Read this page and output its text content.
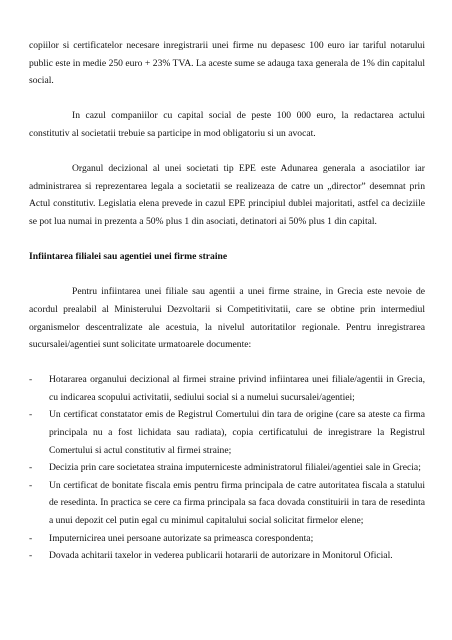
copiilor si certificatelor necesare inregistrarii unei firme nu depasesc 100 euro iar tariful notarului public este in medie 250 euro + 23% TVA. La aceste sume se adauga taxa generala de 1% din capitalul social.

In cazul companiilor cu capital social de peste 100 000 euro, la redactarea actului constitutiv al societatii trebuie sa participe in mod obligatoriu si un avocat.

Organul decizional al unei societati tip EPE este Adunarea generala a asociatilor iar administrarea si reprezentarea legala a societatii se realizeaza de catre un „director” desemnat prin Actul constitutiv. Legislatia elena prevede in cazul EPE principiul dublei majoritati, astfel ca deciziile se pot lua numai in prezenta a 50% plus 1 din asociati, detinatori ai 50% plus 1 din capital.

Infiintarea filialei sau agentiei unei firme straine

Pentru infiintarea unei filiale sau agentii a unei firme straine, in Grecia este nevoie de acordul prealabil al Ministerului Dezvoltarii si Competitivitatii, care se obtine prin intermediul organismelor descentralizate ale acestuia, la nivelul autoritatilor regionale. Pentru inregistrarea sucursalei/agentiei sunt solicitate urmatoarele documente:

- Hotararea organului decizional al firmei straine privind infiintarea unei filiale/agentii in Grecia, cu indicarea scopului activitatii, sediului social si a numelui sucursalei/agentiei;
- Un certificat constatator emis de Registrul Comertului din tara de origine (care sa ateste ca firma principala nu a fost lichidata sau radiata), copia certificatului de inregistrare la Registrul Comertului si actul constitutiv al firmei straine;
- Decizia prin care societatea straina imputerniceste administratorul filialei/agentiei sale in Grecia;
- Un certificat de bonitate fiscala emis pentru firma principala de catre autoritatea fiscala a statului de resedinta. In practica se cere ca firma principala sa faca dovada constituirii in tara de resedinta a unui depozit cel putin egal cu minimul capitalului social solicitat firmelor elene;
- Imputernicirea unei persoane autorizate sa primeasca corespondenta;
- Dovada achitarii taxelor in vederea publicarii hotararii de autorizare in Monitorul Oficial.
